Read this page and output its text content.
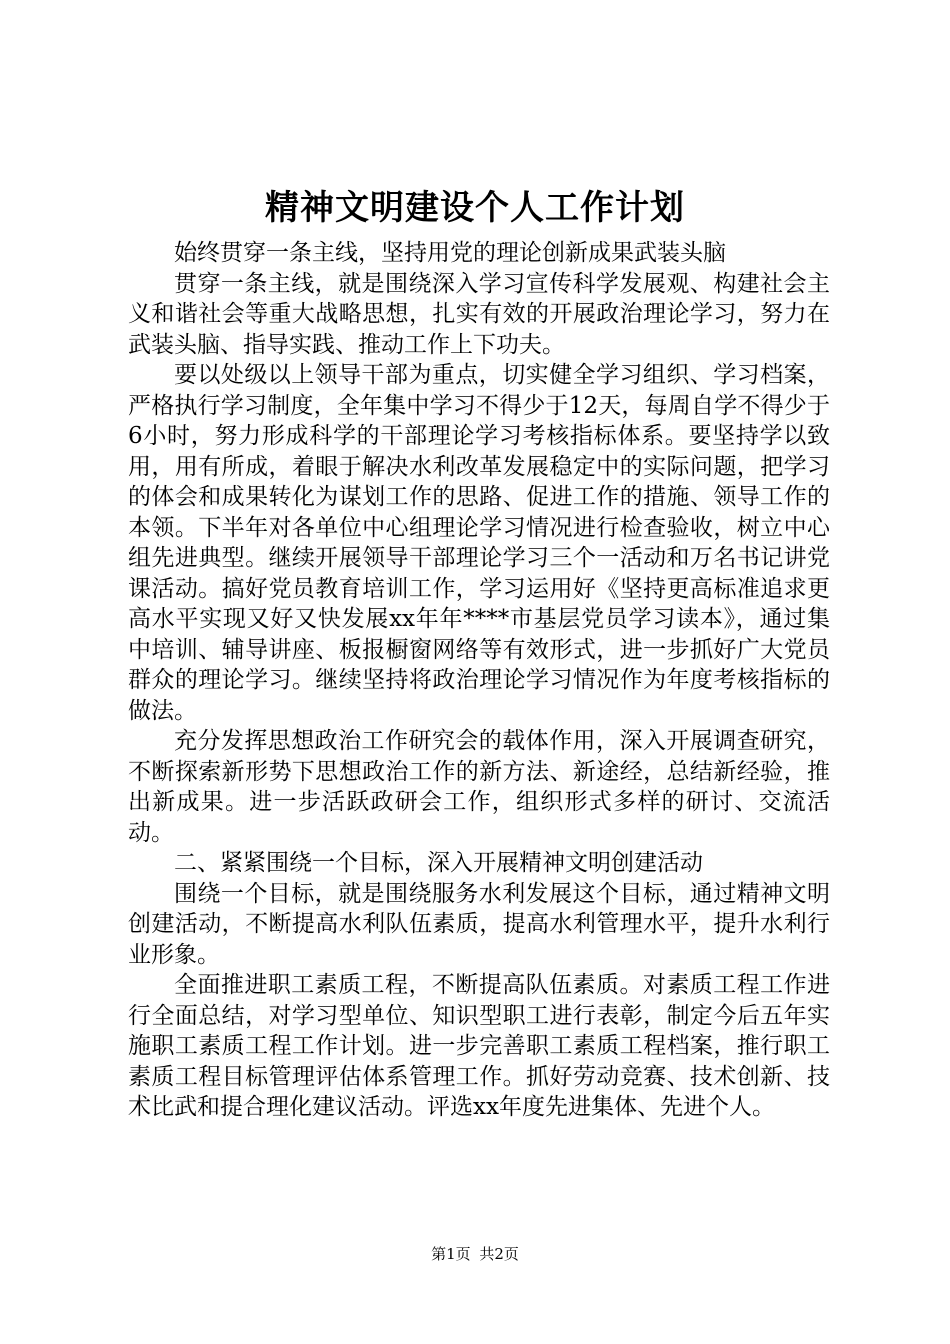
精神文明建设个人工作计划

始终贯穿一条主线，坚持用党的理论创新成果武装头脑

贯穿一条主线，就是围绕深入学习宣传科学发展观、构建社会主义和谐社会等重大战略思想，扎实有效的开展政治理论学习，努力在武装头脑、指导实践、推动工作上下功夫。

要以处级以上领导干部为重点，切实健全学习组织、学习档案，严格执行学习制度，全年集中学习不得少于12天，每周自学不得少于6小时，努力形成科学的干部理论学习考核指标体系。要坚持学以致用，用有所成，着眼于解决水利改革发展稳定中的实际问题，把学习的体会和成果转化为谋划工作的思路、促进工作的措施、领导工作的本领。下半年对各单位中心组理论学习情况进行检查验收，树立中心组先进典型。继续开展领导干部理论学习三个一活动和万名书记讲党课活动。搞好党员教育培训工作，学习运用好《坚持更高标准追求更高水平实现又好又快发展xx年年****市基层党员学习读本》，通过集中培训、辅导讲座、板报橱窗网络等有效形式，进一步抓好广大党员群众的理论学习。继续坚持将政治理论学习情况作为年度考核指标的做法。

充分发挥思想政治工作研究会的载体作用，深入开展调查研究，不断探索新形势下思想政治工作的新方法、新途经，总结新经验，推出新成果。进一步活跃政研会工作，组织形式多样的研讨、交流活动。

二、紧紧围绕一个目标，深入开展精神文明创建活动

围绕一个目标，就是围绕服务水利发展这个目标，通过精神文明创建活动，不断提高水利队伍素质，提高水利管理水平，提升水利行业形象。

全面推进职工素质工程，不断提高队伍素质。对素质工程工作进行全面总结，对学习型单位、知识型职工进行表彰，制定今后五年实施职工素质工程工作计划。进一步完善职工素质工程档案，推行职工素质工程目标管理评估体系管理工作。抓好劳动竞赛、技术创新、技术比武和提合理化建议活动。评选xx年度先进集体、先进个人。

第1页 共2页
